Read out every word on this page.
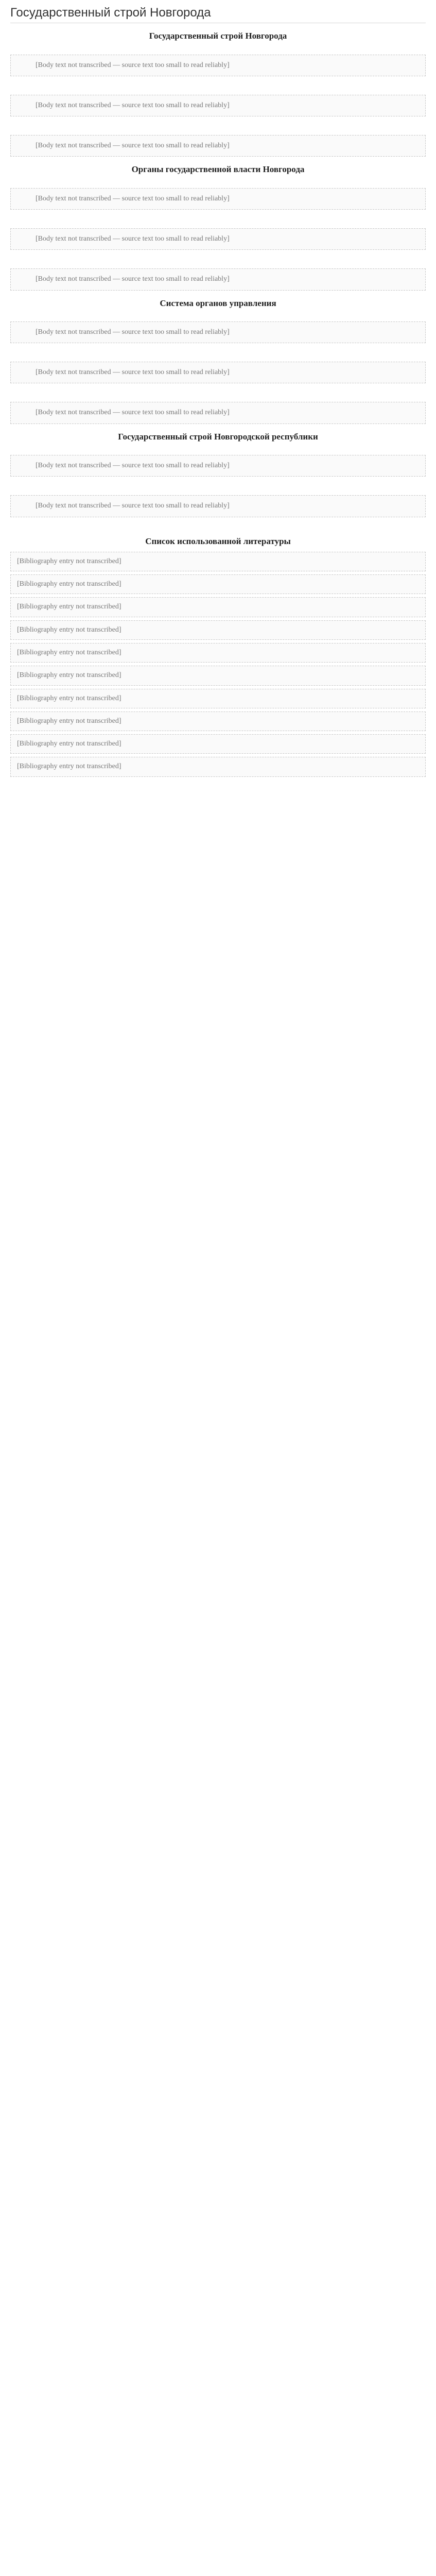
Государственный строй Новгорода
Государственный строй Новгорода

[Body text not transcribed — source text too small to read reliably]

[Body text not transcribed — source text too small to read reliably]

[Body text not transcribed — source text too small to read reliably]

Органы государственной власти Новгорода

[Body text not transcribed — source text too small to read reliably]

[Body text not transcribed — source text too small to read reliably]

[Body text not transcribed — source text too small to read reliably]

Система органов управления

[Body text not transcribed — source text too small to read reliably]

[Body text not transcribed — source text too small to read reliably]

[Body text not transcribed — source text too small to read reliably]

Государственный строй Новгородской республики

[Body text not transcribed — source text too small to read reliably]

[Body text not transcribed — source text too small to read reliably]

Список использованной литературы
[Bibliography entry not transcribed]
[Bibliography entry not transcribed]
[Bibliography entry not transcribed]
[Bibliography entry not transcribed]
[Bibliography entry not transcribed]
[Bibliography entry not transcribed]
[Bibliography entry not transcribed]
[Bibliography entry not transcribed]
[Bibliography entry not transcribed]
[Bibliography entry not transcribed]
